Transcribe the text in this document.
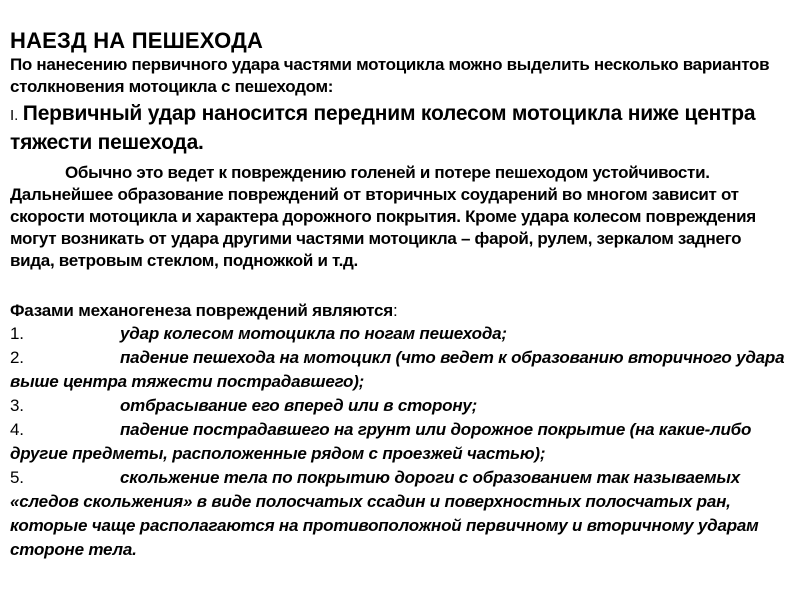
НАЕЗД НА ПЕШЕХОДА

По нанесению первичного удара частями мотоцикла можно выделить несколько вариантов столкновения мотоцикла с пешеходом:

I. Первичный удар наносится передним колесом мотоцикла ниже центра тяжести пешехода.

Обычно это ведет к повреждению голеней и потере пешеходом устойчивости. Дальнейшее образование повреждений от вторичных соударений во многом зависит от скорости мотоцикла и характера дорожного покрытия. Кроме удара колесом повреждения могут возникать от удара другими частями мотоцикла – фарой, рулем, зеркалом заднего вида, ветровым стеклом, подножкой и т.д.

Фазами механогенеза повреждений являются:

1.	удар колесом мотоцикла по ногам пешехода;

2.	падение пешехода на мотоцикл (что ведет к образованию вторичного удара выше центра тяжести пострадавшего);

3.	отбрасывание его вперед или в сторону;

4.	падение пострадавшего на грунт или дорожное покрытие (на какие-либо другие предметы, расположенные рядом с проезжей частью);

5.	скольжение тела по покрытию дороги с образованием так называемых «следов скольжения» в виде полосчатых ссадин и поверхностных полосчатых ран, которые чаще располагаются на противоположной первичному и вторичному ударам стороне тела.
